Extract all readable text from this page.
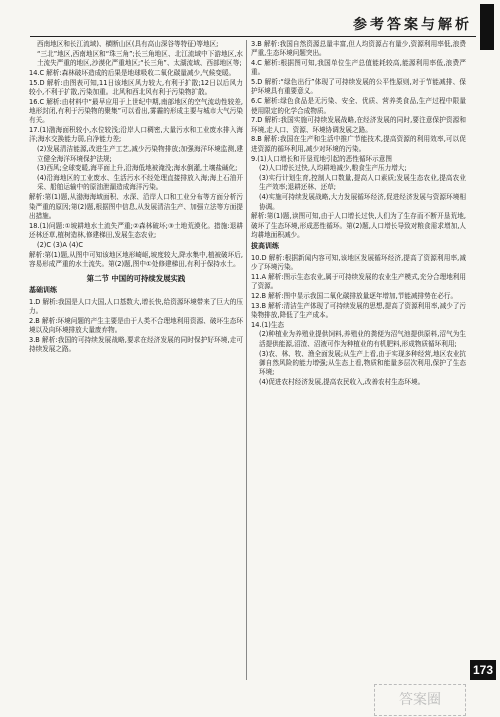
参考答案与解析
西南地区和长江流域)、横断山区(具有高山深谷等特征)等地区;
“三北”地区,西南地区和“珠三角”;长三角地区、北江流域中下游地区,水土流失严重的地区,沙漠化严重地区;“长三角”、太湖流域、西部地区等;
14.C 解析:森林破坏造成的后果是地球吸收二氧化碳量减少,气候变暖。
15.D 解析:由图表可知,11日该地区风力较大,有利于扩散;12日以后风力较小,不利于扩散,污染加重。北风和西北风有利于污染物扩散。
16.C 解析:由材料中“最早应用于上世纪中期,南部地区的空气流动性较差,地形封闭,有利于污染物的聚集”可以看出,雾霾的形成主要与城市大气污染有关。
17.(1)渤海面积较小,水位较浅;沿岸人口稠密,大量污水和工业废水排入海洋;海水交换能力弱,自净能力差;
(2)发展清洁能源,改进生产工艺,减少污染物排放;加强海洋环境监测,建立健全海洋环境保护法规;
(3)西风;全球变暖,海平面上升,沿海低地被淹没;海水倒灌,土壤盐碱化;
(4)沿海地区的工业废水、生活污水不经处理直接排放入海;海上石油开采、船舶运输中的原油泄漏造成海洋污染。
解析:第(1)题,从渤海海域面积、水深、沿岸人口和工业分布等方面分析污染严重的原因;第(2)题,根据图中信息,从发展清洁生产、加强立法等方面提出措施。
18.(1)问题:①坡耕地水土流失严重;②森林破坏;③土地荒漠化。措施:退耕还林还草,植树造林,修建梯田,发展生态农业;
(2)C (3)A (4)C
解析:第(1)题,从图中可知该地区地形崎岖,坡度较大,降水集中,植被破坏后,容易形成严重的水土流失。第(2)题,图中①处修建梯田,有利于保持水土。
第二节 中国的可持续发展实践
基础训练
1.D 解析:我国是人口大国,人口基数大,增长快,给资源环境带来了巨大的压力。
2.B 解析:环境问题的产生主要是由于人类不合理地利用资源、破坏生态环境以及向环境排放大量废弃物。
3.B 解析:我国的可持续发展战略,要求在经济发展的同时保护好环境,走可持续发展之路。
3.B 解析:我国自然资源总量丰富,但人均资源占有量少,资源利用率低,浪费严重,生态环境问题突出。
4.C 解析:根据图可知,我国单位生产总值能耗较高,能源利用率低,浪费严重。
5.D 解析:“绿色出行”体现了可持续发展的公平性原则,对于节能减排、保护环境具有重要意义。
6.C 解析:绿色食品是无污染、安全、优质、营养类食品,生产过程中限量使用限定的化学合成物质。
7.D 解析:我国实施可持续发展战略,在经济发展的同时,要注意保护资源和环境,走人口、资源、环境协调发展之路。
8.B 解析:我国在生产和生活中推广节能技术,提高资源的利用效率,可以促进资源的循环利用,减少对环境的污染。
9.(1)人口增长和开垦荒地引起的恶性循环示意图
(2)人口增长过快,人均耕地减少,粮食生产压力增大;
(3)实行计划生育,控制人口数量,提高人口素质;发展生态农业,提高农业生产效率;退耕还林、还草;
(4)实施可持续发展战略,大力发展循环经济,促进经济发展与资源环境相协调。
解析:第(1)题,读图可知,由于人口增长过快,人们为了生存而不断开垦荒地,破坏了生态环境,形成恶性循环。第(2)题,人口增长导致对粮食需求增加,人均耕地面积减少。
拔高训练
10.D 解析:根据新闻内容可知,该地区发展循环经济,提高了资源利用率,减少了环境污染。
11.A 解析:图示生态农业,属于可持续发展的农业生产模式,充分合理地利用了资源。
12.B 解析:图中显示我国二氧化碳排放量逐年增加,节能减排势在必行。
13.B 解析:清洁生产体现了可持续发展的思想,提高了资源利用率,减少了污染物排放,降低了生产成本。
14.(1)生态
(2)种植业为养殖业提供饲料,养殖业的粪便为沼气池提供原料,沼气为生活提供能源,沼渣、沼液可作为种植业的有机肥料,形成物质循环利用;
(3)农、林、牧、渔全面发展;从生产上看,由于实现多种经营,地区农业抗御自然风险的能力增强;从生态上看,物质和能量多层次利用,保护了生态环境;
(4)促进农村经济发展,提高农民收入,改善农村生态环境。
173
答案圈
